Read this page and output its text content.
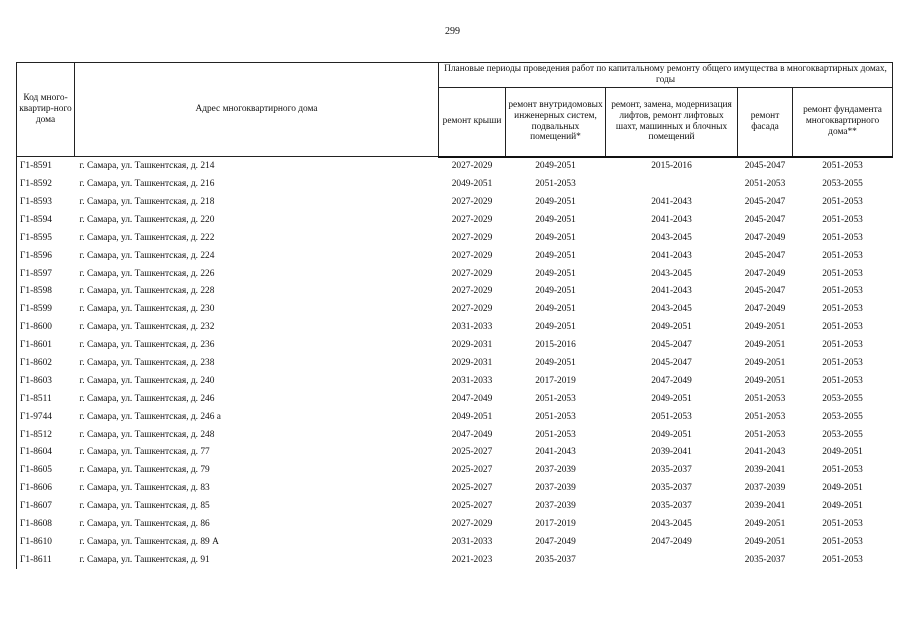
299
Код много-квартир-ного дома	Адрес многоквартирного дома	Плановые периоды проведения работ по капитальному ремонту общего имущества в многоквартирных домах, годы				
		ремонт крыши	ремонт внутридомовых инженерных систем, подвальных помещений*	ремонт, замена, модернизация лифтов, ремонт лифтовых шахт, машинных и блочных помещений	ремонт фасада	ремонт фундамента многоквартирного дома**
Г1-8591	г. Самара, ул. Ташкентская, д. 214	2027-2029	2049-2051	2015-2016	2045-2047	2051-2053
Г1-8592	г. Самара, ул. Ташкентская, д. 216	2049-2051	2051-2053		2051-2053	2053-2055
Г1-8593	г. Самара, ул. Ташкентская, д. 218	2027-2029	2049-2051	2041-2043	2045-2047	2051-2053
Г1-8594	г. Самара, ул. Ташкентская, д. 220	2027-2029	2049-2051	2041-2043	2045-2047	2051-2053
Г1-8595	г. Самара, ул. Ташкентская, д. 222	2027-2029	2049-2051	2043-2045	2047-2049	2051-2053
Г1-8596	г. Самара, ул. Ташкентская, д. 224	2027-2029	2049-2051	2041-2043	2045-2047	2051-2053
Г1-8597	г. Самара, ул. Ташкентская, д. 226	2027-2029	2049-2051	2043-2045	2047-2049	2051-2053
Г1-8598	г. Самара, ул. Ташкентская, д. 228	2027-2029	2049-2051	2041-2043	2045-2047	2051-2053
Г1-8599	г. Самара, ул. Ташкентская, д. 230	2027-2029	2049-2051	2043-2045	2047-2049	2051-2053
Г1-8600	г. Самара, ул. Ташкентская, д. 232	2031-2033	2049-2051	2049-2051	2049-2051	2051-2053
Г1-8601	г. Самара, ул. Ташкентская, д. 236	2029-2031	2015-2016	2045-2047	2049-2051	2051-2053
Г1-8602	г. Самара, ул. Ташкентская, д. 238	2029-2031	2049-2051	2045-2047	2049-2051	2051-2053
Г1-8603	г. Самара, ул. Ташкентская, д. 240	2031-2033	2017-2019	2047-2049	2049-2051	2051-2053
Г1-8511	г. Самара, ул. Ташкентская, д. 246	2047-2049	2051-2053	2049-2051	2051-2053	2053-2055
Г1-9744	г. Самара, ул. Ташкентская, д. 246 а	2049-2051	2051-2053	2051-2053	2051-2053	2053-2055
Г1-8512	г. Самара, ул. Ташкентская, д. 248	2047-2049	2051-2053	2049-2051	2051-2053	2053-2055
Г1-8604	г. Самара, ул. Ташкентская, д. 77	2025-2027	2041-2043	2039-2041	2041-2043	2049-2051
Г1-8605	г. Самара, ул. Ташкентская, д. 79	2025-2027	2037-2039	2035-2037	2039-2041	2051-2053
Г1-8606	г. Самара, ул. Ташкентская, д. 83	2025-2027	2037-2039	2035-2037	2037-2039	2049-2051
Г1-8607	г. Самара, ул. Ташкентская, д. 85	2025-2027	2037-2039	2035-2037	2039-2041	2049-2051
Г1-8608	г. Самара, ул. Ташкентская, д. 86	2027-2029	2017-2019	2043-2045	2049-2051	2051-2053
Г1-8610	г. Самара, ул. Ташкентская, д. 89 А	2031-2033	2047-2049	2047-2049	2049-2051	2051-2053
Г1-8611	г. Самара, ул. Ташкентская, д. 91	2021-2023	2035-2037		2035-2037	2051-2053
